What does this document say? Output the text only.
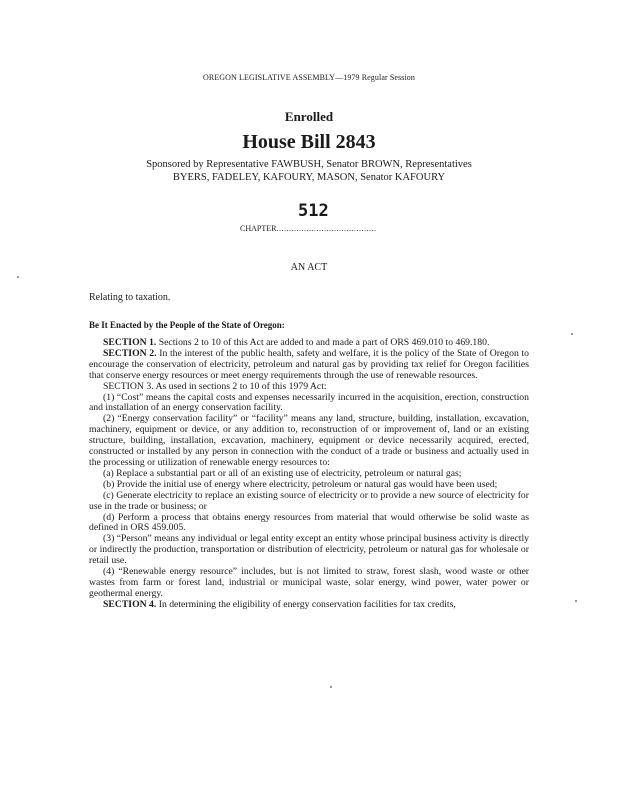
OREGON LEGISLATIVE ASSEMBLY—1979 Regular Session
Enrolled
House Bill 2843
Sponsored by Representative FAWBUSH, Senator BROWN, Representatives
BYERS, FADELEY, KAFOURY, MASON, Senator KAFOURY
512
CHAPTER........................................
AN ACT
Relating to taxation.
Be It Enacted by the People of the State of Oregon:

SECTION 1. Sections 2 to 10 of this Act are added to and made a part of ORS 469.010 to 469.180.

SECTION 2. In the interest of the public health, safety and welfare, it is the policy of the State of Oregon to encourage the conservation of electricity, petroleum and natural gas by providing tax relief for Oregon facilities that conserve energy resources or meet energy requirements through the use of renewable resources.

SECTION 3. As used in sections 2 to 10 of this 1979 Act:

(1) “Cost” means the capital costs and expenses necessarily incurred in the acquisition, erection, construction and installation of an energy conservation facility.

(2) “Energy conservation facility” or “facility” means any land, structure, building, installation, excavation, machinery, equipment or device, or any addition to, reconstruction of or improvement of, land or an existing structure, building, installation, excavation, machinery, equipment or device necessarily acquired, erected, constructed or installed by any person in connection with the conduct of a trade or business and actually used in the processing or utilization of renewable energy resources to:

(a) Replace a substantial part or all of an existing use of electricity, petroleum or natural gas;

(b) Provide the initial use of energy where electricity, petroleum or natural gas would have been used;

(c) Generate electricity to replace an existing source of electricity or to provide a new source of electricity for use in the trade or business; or

(d) Perform a process that obtains energy resources from material that would otherwise be solid waste as defined in ORS 459.005.

(3) “Person” means any individual or legal entity except an entity whose principal business activity is directly or indirectly the production, transportation or distribution of electricity, petroleum or natural gas for wholesale or retail use.

(4) “Renewable energy resource” includes, but is not limited to straw, forest slash, wood waste or other wastes from farm or forest land, industrial or municipal waste, solar energy, wind power, water power or geothermal energy.

SECTION 4. In determining the eligibility of energy conservation facilities for tax credits,
